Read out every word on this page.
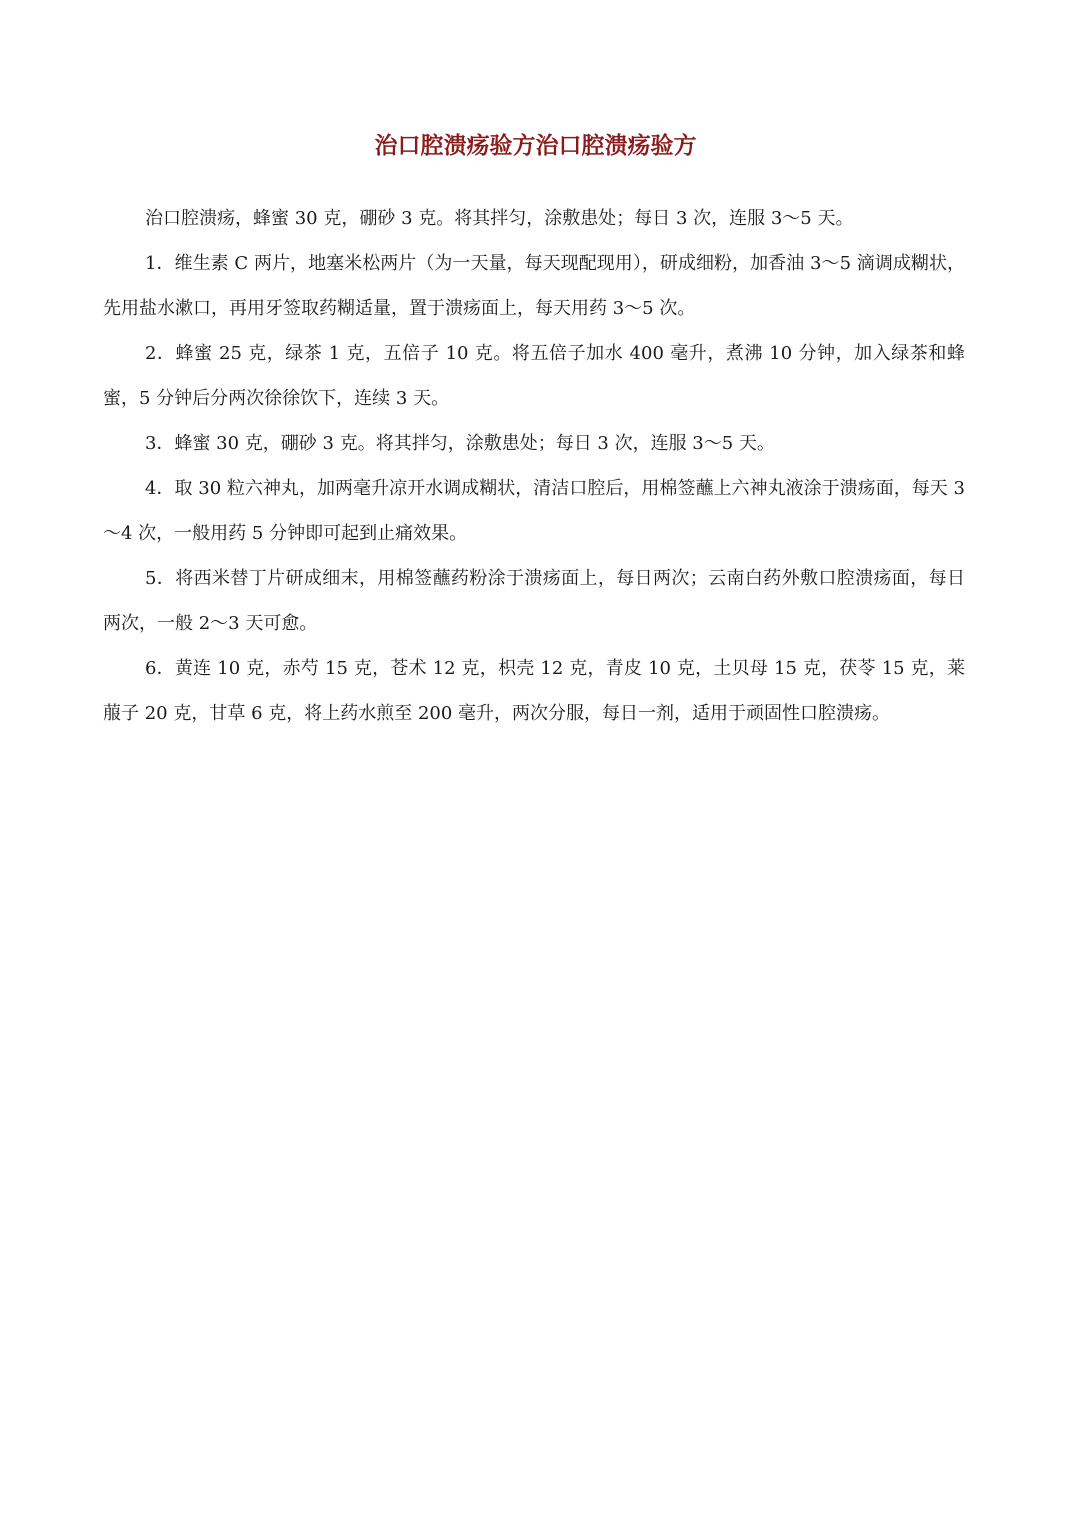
治口腔溃疡验方治口腔溃疡验方

治口腔溃疡，蜂蜜 30 克，硼砂 3 克。将其拌匀，涂敷患处；每日 3 次，连服 3～5 天。

1．维生素 C 两片，地塞米松两片（为一天量，每天现配现用），研成细粉，加香油 3～5 滴调成糊状，先用盐水漱口，再用牙签取药糊适量，置于溃疡面上，每天用药 3～5 次。

2．蜂蜜 25 克，绿茶 1 克，五倍子 10 克。将五倍子加水 400 毫升，煮沸 10 分钟，加入绿茶和蜂蜜，5 分钟后分两次徐徐饮下，连续 3 天。

3．蜂蜜 30 克，硼砂 3 克。将其拌匀，涂敷患处；每日 3 次，连服 3～5 天。

4．取 30 粒六神丸，加两毫升凉开水调成糊状，清洁口腔后，用棉签蘸上六神丸液涂于溃疡面，每天 3～4 次，一般用药 5 分钟即可起到止痛效果。

5．将西米替丁片研成细末，用棉签蘸药粉涂于溃疡面上，每日两次；云南白药外敷口腔溃疡面，每日两次，一般 2～3 天可愈。

6．黄连 10 克，赤芍 15 克，苍术 12 克，枳壳 12 克，青皮 10 克，土贝母 15 克，茯苓 15 克，莱菔子 20 克，甘草 6 克，将上药水煎至 200 毫升，两次分服，每日一剂，适用于顽固性口腔溃疡。
